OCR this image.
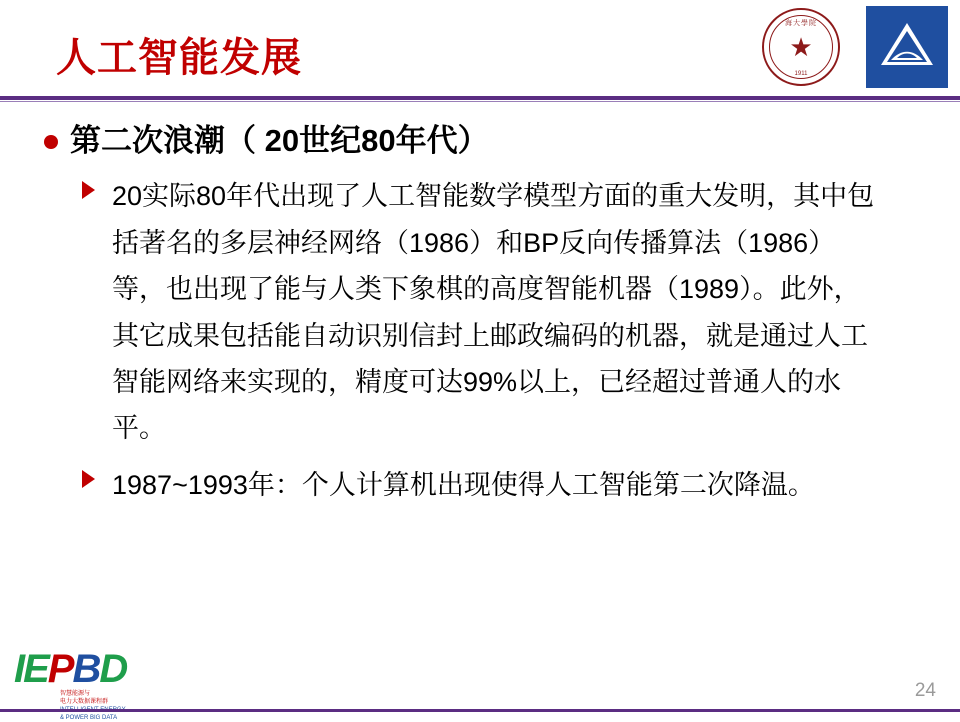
人工智能发展
海大學院
★
1911
第二次浪潮（ 20世纪80年代）
20实际80年代出现了人工智能数学模型方面的重大发明，其中包括著名的多层神经网络（1986）和BP反向传播算法（1986）等，也出现了能与人类下象棋的高度智能机器（1989）。此外，其它成果包括能自动识别信封上邮政编码的机器，就是通过人工智能网络来实现的，精度可达99%以上，已经超过普通人的水平。
1987~1993年：个人计算机出现使得人工智能第二次降温。
IEPBD
智慧能源与
电力大数据课程群
& POWER BIG DATA
24
